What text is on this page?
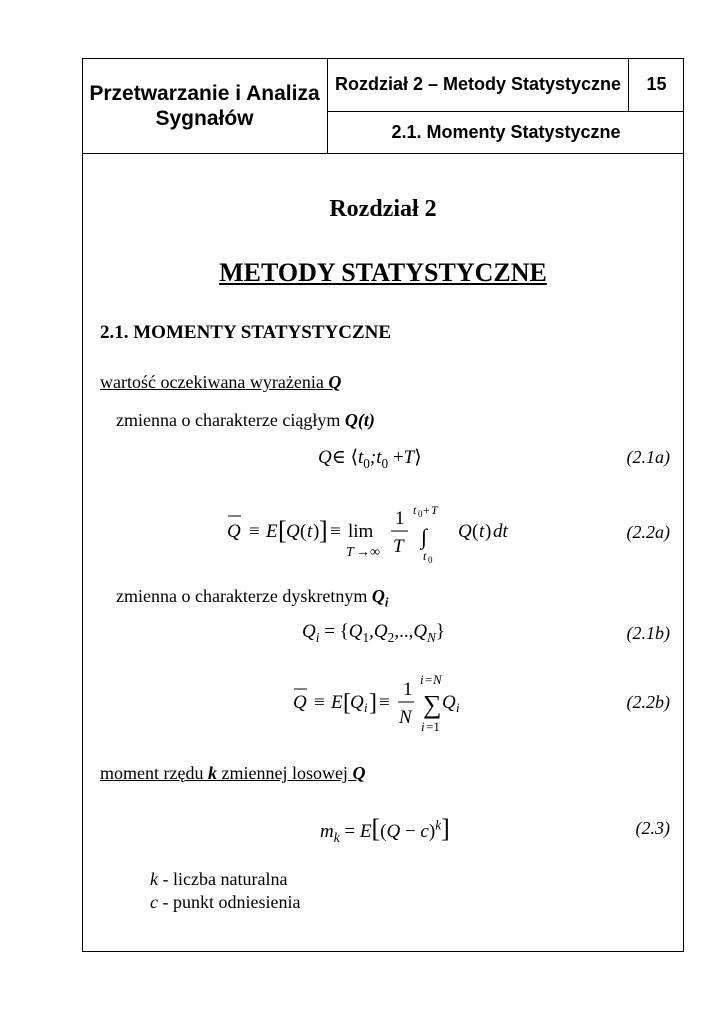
Przetwarzanie i Analiza Sygnałów
Rozdział 2 – Metody Statystyczne	15
2.1. Momenty Statystyczne
Rozdział 2
METODY STATYSTYCZNE
2.1. MOMENTY STATYSTYCZNE
wartość oczekiwana wyrażenia Q
zmienna o charakterze ciągłym Q(t)
Q∈ $⟨t_0;t_0$ +T⟩	(2.1a)
Q ≡ E [ Q ( t ) ] ≡ lim
T →∞
1
T
t 0 + T
∫
t 0
Q ( t ) dt	(2.2a)
zmienna o charakterze dyskretnym $Q_i$
$Q_i = \{Q_1,Q_2,..,Q_N\}$	(2.1b)
Q ≡ E [ Q i ] ≡
1
N
i = N
∑
i =1
Q i	(2.2b)
moment rzędu k zmiennej losowej Q
$m_k = E[(Q - c)^k]$	(2.3)
k - liczba naturalna
c - punkt odniesienia
